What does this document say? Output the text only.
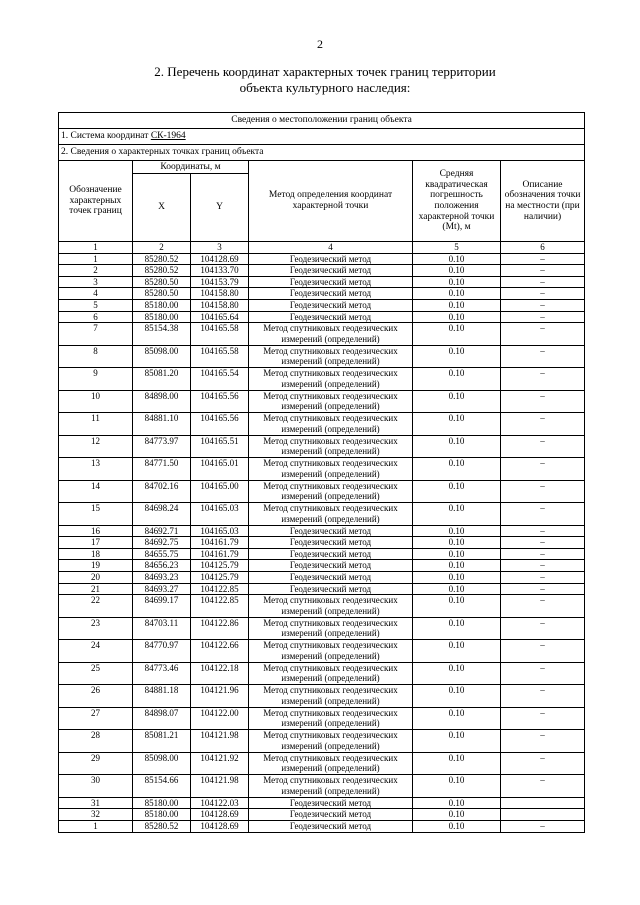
2
2. Перечень координат характерных точек границ территории
объекта культурного наследия:
Сведения о местоположении границ объекта					
1. Система координат СК-1964					
2. Сведения о характерных точках границ объекта					
Обозначение характерных точек границ	Координаты, м		Метод определения координат характерной точки	Средняя квадратическая погрешность положения характерной точки (Mt), м	Описание обозначения точки на местности (при наличии)
	X	Y			
1	2	3	4	5	6
1	85280.52	104128.69	Геодезический метод	0.10	–
2	85280.52	104133.70	Геодезический метод	0.10	–
3	85280.50	104153.79	Геодезический метод	0.10	–
4	85280.50	104158.80	Геодезический метод	0.10	–
5	85180.00	104158.80	Геодезический метод	0.10	–
6	85180.00	104165.64	Геодезический метод	0.10	–
7	85154.38	104165.58	Метод спутниковых геодезических измерений (определений)	0.10	–
8	85098.00	104165.58	Метод спутниковых геодезических измерений (определений)	0.10	–
9	85081.20	104165.54	Метод спутниковых геодезических измерений (определений)	0.10	–
10	84898.00	104165.56	Метод спутниковых геодезических измерений (определений)	0.10	–
11	84881.10	104165.56	Метод спутниковых геодезических измерений (определений)	0.10	–
12	84773.97	104165.51	Метод спутниковых геодезических измерений (определений)	0.10	–
13	84771.50	104165.01	Метод спутниковых геодезических измерений (определений)	0.10	–
14	84702.16	104165.00	Метод спутниковых геодезических измерений (определений)	0.10	–
15	84698.24	104165.03	Метод спутниковых геодезических измерений (определений)	0.10	–
16	84692.71	104165.03	Геодезический метод	0.10	–
17	84692.75	104161.79	Геодезический метод	0.10	–
18	84655.75	104161.79	Геодезический метод	0.10	–
19	84656.23	104125.79	Геодезический метод	0.10	–
20	84693.23	104125.79	Геодезический метод	0.10	–
21	84693.27	104122.85	Геодезический метод	0.10	–
22	84699.17	104122.85	Метод спутниковых геодезических измерений (определений)	0.10	–
23	84703.11	104122.86	Метод спутниковых геодезических измерений (определений)	0.10	–
24	84770.97	104122.66	Метод спутниковых геодезических измерений (определений)	0.10	–
25	84773.46	104122.18	Метод спутниковых геодезических измерений (определений)	0.10	–
26	84881.18	104121.96	Метод спутниковых геодезических измерений (определений)	0.10	–
27	84898.07	104122.00	Метод спутниковых геодезических измерений (определений)	0.10	–
28	85081.21	104121.98	Метод спутниковых геодезических измерений (определений)	0.10	–
29	85098.00	104121.92	Метод спутниковых геодезических измерений (определений)	0.10	–
30	85154.66	104121.98	Метод спутниковых геодезических измерений (определений)	0.10	–
31	85180.00	104122.03	Геодезический метод	0.10	
32	85180.00	104128.69	Геодезический метод	0.10	
1	85280.52	104128.69	Геодезический метод	0.10	–
